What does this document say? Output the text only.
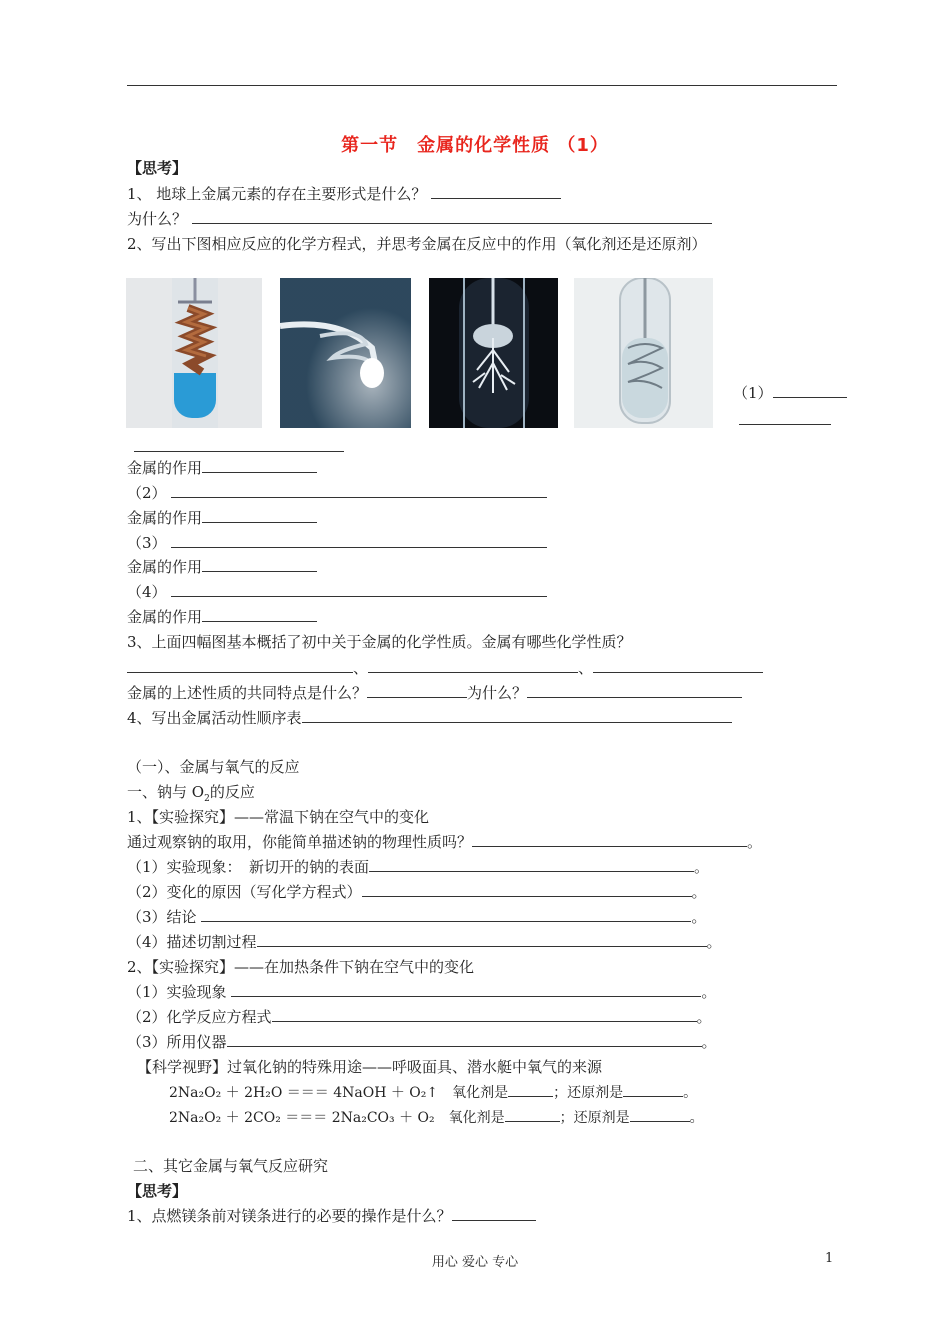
第一节　金属的化学性质 （1）
【思考】
1、 地球上金属元素的存在主要形式是什么？
为什么？
2、写出下图相应反应的化学方程式，并思考金属在反应中的作用（氧化剂还是还原剂）
（1）
金属的作用
（2）
金属的作用
（3）
金属的作用
（4）
金属的作用
3、上面四幅图基本概括了初中关于金属的化学性质。金属有哪些化学性质？
、	、
金属的上述性质的共同特点是什么？	为什么？
4、写出金属活动性顺序表
（一）、金属与氧气的反应
一、钠与 $O_2$的反应
1、【实验探究】——常温下钠在空气中的变化
通过观察钠的取用，你能简单描述钠的物理性质吗？	。
（1）实验现象：　新切开的钠的表面	。
（2）变化的原因（写化学方程式）	。
（3）结论	。
（4）描述切割过程	。
2、【实验探究】——在加热条件下钠在空气中的变化
（1）实验现象	。
（2）化学反应方程式	。
（3）所用仪器	。
【科学视野】过氧化钠的特殊用途——呼吸面具、潜水艇中氧气的来源
2Na₂O₂ ＋ 2H₂O ＝＝＝ 4NaOH ＋ O₂↑　 氧化剂是	；还原剂是	。
2Na₂O₂ ＋ 2CO₂ ＝＝＝ 2Na₂CO₃ ＋ O₂　 氧化剂是	；还原剂是	。
二、其它金属与氧气反应研究
【思考】
1、点燃镁条前对镁条进行的必要的操作是什么？
用心 爱心 专心	1
